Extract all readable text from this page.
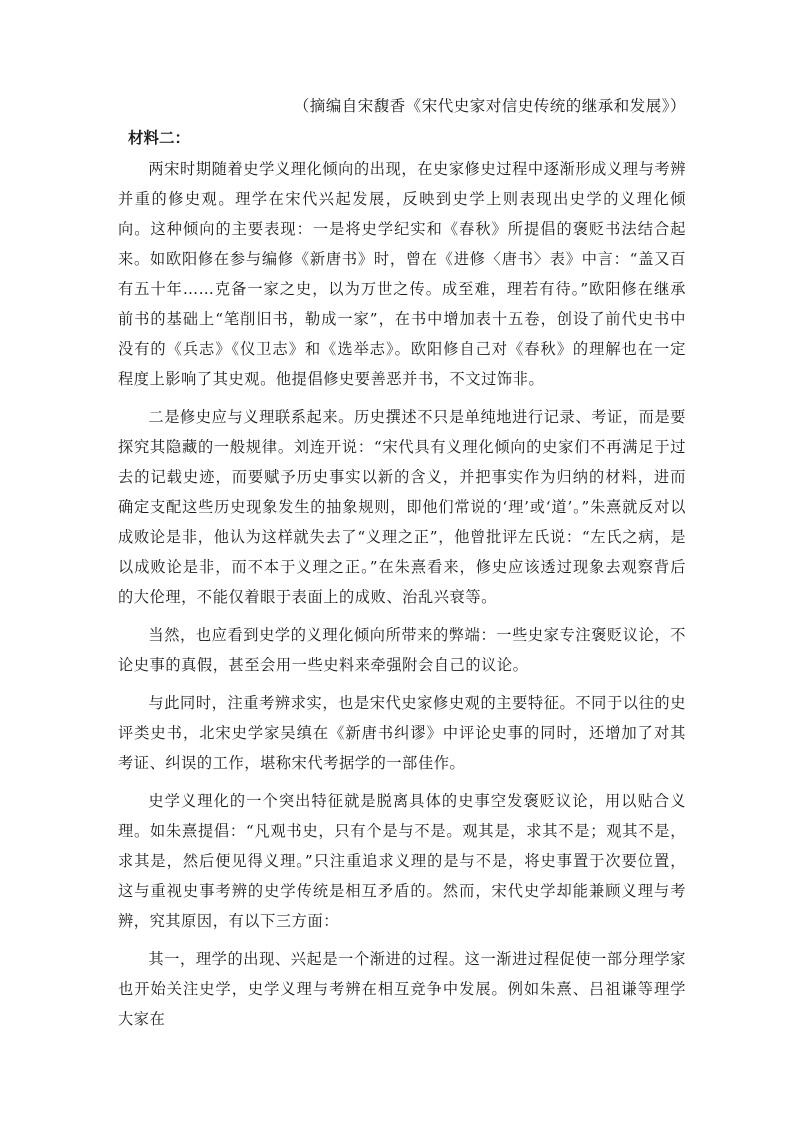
（摘编自宋馥香《宋代史家对信史传统的继承和发展》）

材料二：

两宋时期随着史学义理化倾向的出现，在史家修史过程中逐渐形成义理与考辨并重的修史观。理学在宋代兴起发展，反映到史学上则表现出史学的义理化倾向。这种倾向的主要表现：一是将史学纪实和《春秋》所提倡的褒贬书法结合起来。如欧阳修在参与编修《新唐书》时，曾在《进修〈唐书〉表》中言：“盖又百有五十年……克备一家之史，以为万世之传。成至难，理若有待。”欧阳修在继承前书的基础上“笔削旧书，勒成一家”，在书中增加表十五卷，创设了前代史书中没有的《兵志》《仪卫志》和《选举志》。欧阳修自己对《春秋》的理解也在一定程度上影响了其史观。他提倡修史要善恶并书，不文过饰非。

二是修史应与义理联系起来。历史撰述不只是单纯地进行记录、考证，而是要探究其隐藏的一般规律。刘连开说：“宋代具有义理化倾向的史家们不再满足于过去的记载史迹，而要赋予历史事实以新的含义，并把事实作为归纳的材料，进而确定支配这些历史现象发生的抽象规则，即他们常说的‘理’或‘道’。”朱熹就反对以成败论是非，他认为这样就失去了“义理之正”，他曾批评左氏说：“左氏之病，是以成败论是非，而不本于义理之正。”在朱熹看来，修史应该透过现象去观察背后的大伦理，不能仅着眼于表面上的成败、治乱兴衰等。

当然，也应看到史学的义理化倾向所带来的弊端：一些史家专注褒贬议论，不论史事的真假，甚至会用一些史料来牵强附会自己的议论。

与此同时，注重考辨求实，也是宋代史家修史观的主要特征。不同于以往的史评类史书，北宋史学家吴缜在《新唐书纠谬》中评论史事的同时，还增加了对其考证、纠误的工作，堪称宋代考据学的一部佳作。

史学义理化的一个突出特征就是脱离具体的史事空发褒贬议论，用以贴合义理。如朱熹提倡：“凡观书史，只有个是与不是。观其是，求其不是；观其不是，求其是，然后便见得义理。”只注重追求义理的是与不是，将史事置于次要位置，这与重视史事考辨的史学传统是相互矛盾的。然而，宋代史学却能兼顾义理与考辨，究其原因，有以下三方面：

其一，理学的出现、兴起是一个渐进的过程。这一渐进过程促使一部分理学家也开始关注史学，史学义理与考辨在相互竞争中发展。例如朱熹、吕祖谦等理学大家在
